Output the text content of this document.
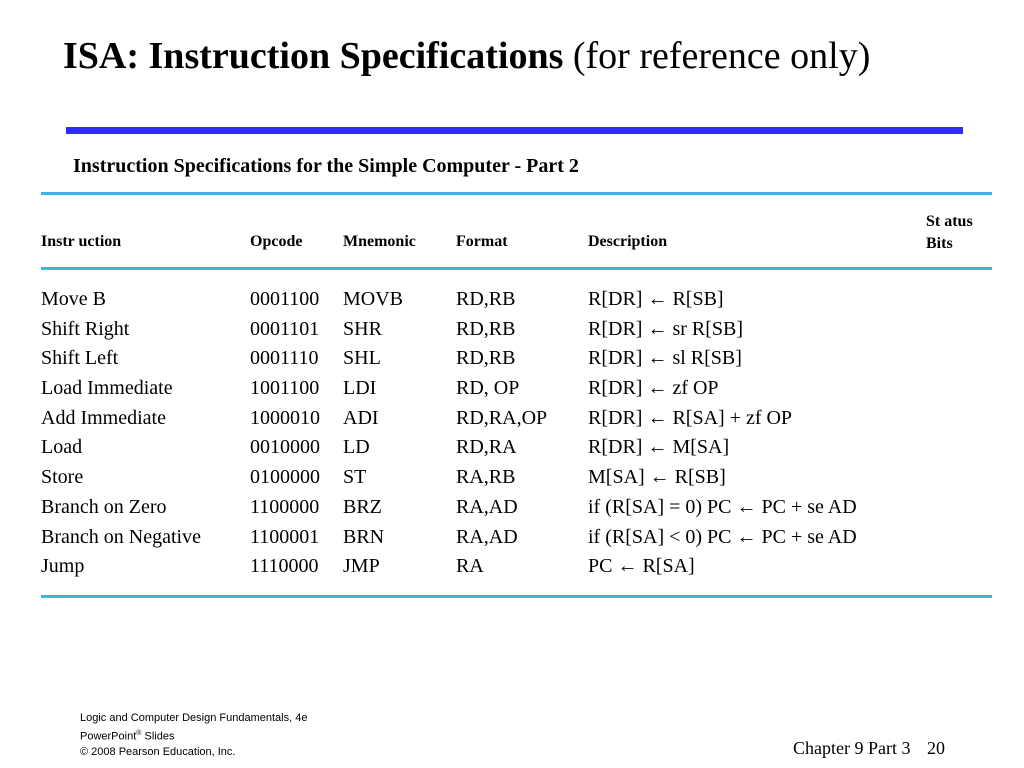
ISA: Instruction Specifications (for reference only)

Instruction Specifications for the Simple Computer - Part 2

Instr uction	Opcode	Mnemonic	Format	Description
St atus
Bits
Move B	0001100 MOVB	RD,RB	R[DR] ← R[SB]
Shift Right	0001101 SHR	RD,RB	R[DR] ← sr R[SB]
Shift Left	0001110 SHL	RD,RB	R[DR] ← sl R[SB]
Load Immediate	1001100 LDI	RD, OP	R[DR] ← zf OP
Add Immediate	1000010 ADI	RD,RA,OP R[DR] ← R[SA] + zf OP
Load	0010000 LD	RD,RA	R[DR] ← M[SA]
Store	0100000 ST	RA,RB	M[SA] ← R[SB]
Branch on Zero	1100000 BRZ	RA,AD	if (R[SA] = 0) PC ← PC + se AD
Branch on Negative 1100001 BRN	RA,AD	if (R[SA] < 0) PC ← PC + se AD
Jump	1110000 JMP	RA	PC ← R[SA]
Logic and Computer Design Fundamentals, 4e
PowerPoint® Slides
© 2008 Pearson Education, Inc.	Chapter 9 Part 3 20
